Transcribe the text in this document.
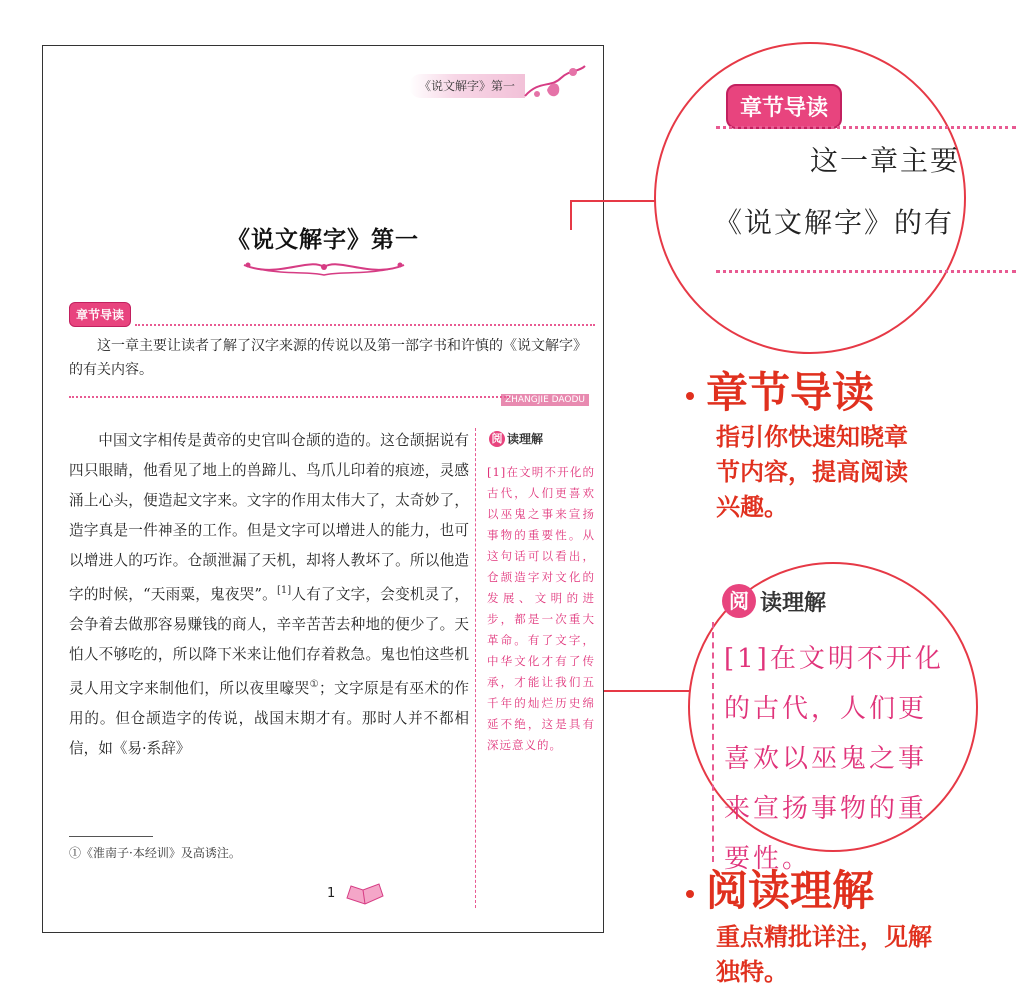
《说文解字》第一
《说文解字》第一
章节导读
这一章主要让读者了解了汉字来源的传说以及第一部字书和许慎的《说文解字》的有关内容。
ZHANGJIE DAODU

中国文字相传是黄帝的史官叫仓颉的造的。这仓颉据说有四只眼睛，他看见了地上的兽蹄儿、鸟爪儿印着的痕迹，灵感涌上心头，便造起文字来。文字的作用太伟大了，太奇妙了，造字真是一件神圣的工作。但是文字可以增进人的能力，也可以增进人的巧诈。仓颉泄漏了天机，却将人教坏了。所以他造字的时候，“天雨粟，鬼夜哭”。[1]人有了文字，会变机灵了，会争着去做那容易赚钱的商人，辛辛苦苦去种地的便少了。天怕人不够吃的，所以降下米来让他们存着救急。鬼也怕这些机灵人用文字来制他们，所以夜里嚎哭①；文字原是有巫术的作用的。但仓颉造字的传说，战国末期才有。那时人并不都相信，如《易·系辞》

阅 读理解
[1]在文明不开化的古代，人们更喜欢以巫鬼之事来宣扬事物的重要性。从这句话可以看出，仓颉造字对文化的发展、文明的进步，都是一次重大革命。有了文字，中华文化才有了传承，才能让我们五千年的灿烂历史绵延不绝，这是具有深远意义的。
①《淮南子·本经训》及高诱注。
1
章节导读
这一章主要
《说文解字》的有
阅 读理解
[1]在文明不开化的古代，人们更喜欢以巫鬼之事来宣扬事物的重要性。
章节导读
指引你快速知晓章节内容，提高阅读兴趣。
阅读理解
重点精批详注，见解独特。
